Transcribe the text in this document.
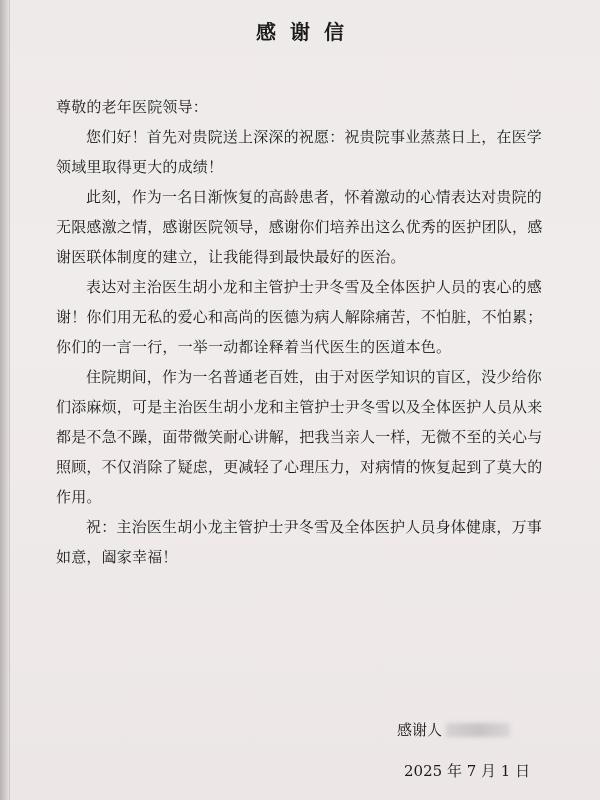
感谢信

尊敬的老年医院领导：

您们好！首先对贵院送上深深的祝愿：祝贵院事业蒸蒸日上，在医学领域里取得更大的成绩！

此刻，作为一名日渐恢复的高龄患者，怀着激动的心情表达对贵院的无限感激之情，感谢医院领导，感谢你们培养出这么优秀的医护团队，感谢医联体制度的建立，让我能得到最快最好的医治。

表达对主治医生胡小龙和主管护士尹冬雪及全体医护人员的衷心的感谢！你们用无私的爱心和高尚的医德为病人解除痛苦，不怕脏，不怕累；你们的一言一行，一举一动都诠释着当代医生的医道本色。

住院期间，作为一名普通老百姓，由于对医学知识的盲区，没少给你们添麻烦，可是主治医生胡小龙和主管护士尹冬雪以及全体医护人员从来都是不急不躁，面带微笑耐心讲解，把我当亲人一样，无微不至的关心与照顾，不仅消除了疑虑，更减轻了心理压力，对病情的恢复起到了莫大的作用。

祝：主治医生胡小龙主管护士尹冬雪及全体医护人员身体健康，万事如意，阖家幸福！

感谢人
2025 年 7 月 1 日
